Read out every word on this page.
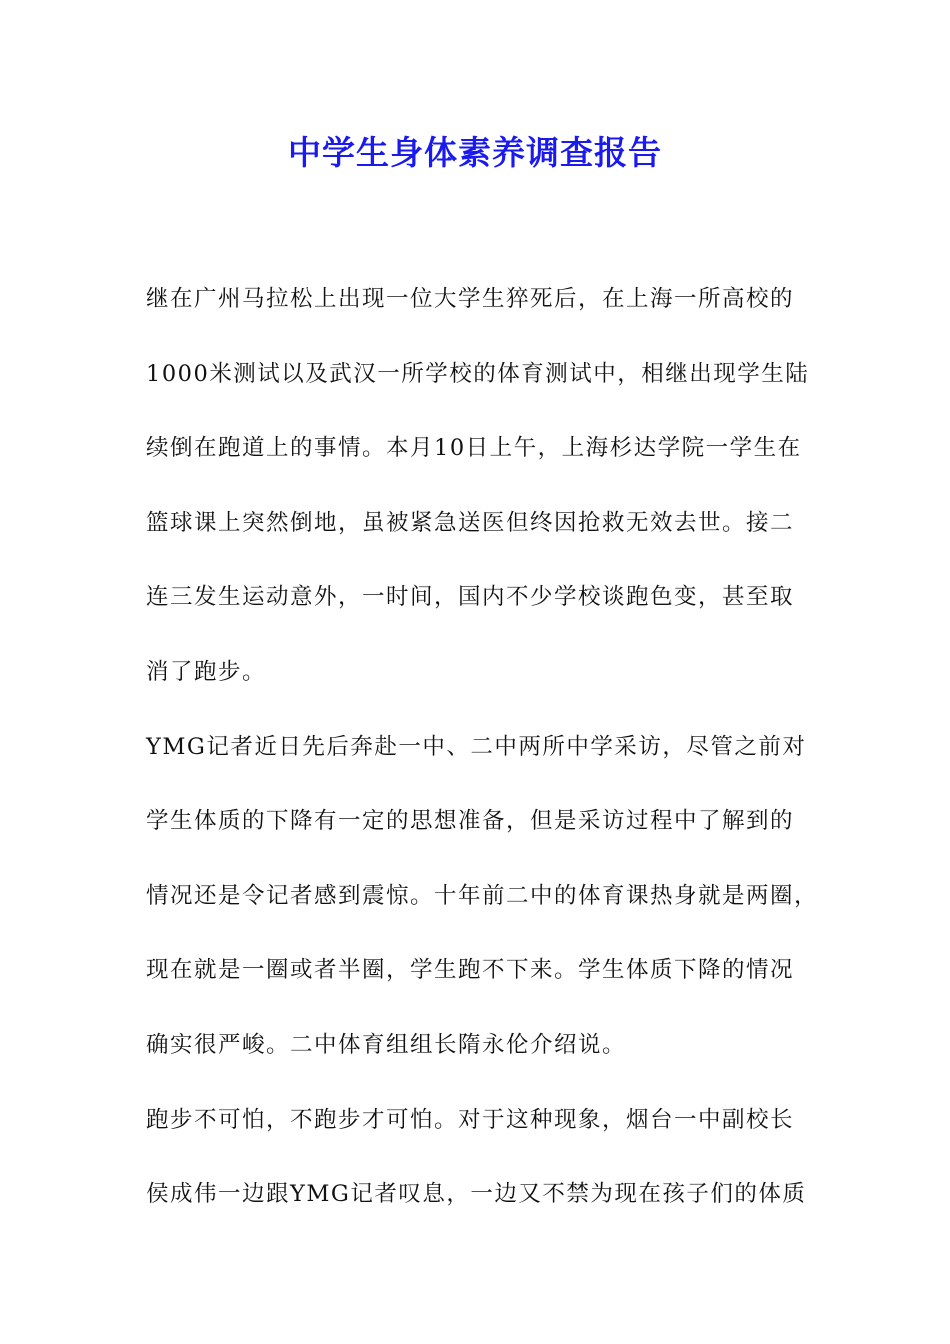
中学生身体素养调查报告
继在广州马拉松上出现一位大学生猝死后，在上海一所高校的
1000米测试以及武汉一所学校的体育测试中，相继出现学生陆
续倒在跑道上的事情。本月10日上午，上海杉达学院一学生在
篮球课上突然倒地，虽被紧急送医但终因抢救无效去世。接二
连三发生运动意外，一时间，国内不少学校谈跑色变，甚至取
消了跑步。
YMG记者近日先后奔赴一中、二中两所中学采访，尽管之前对
学生体质的下降有一定的思想准备，但是采访过程中了解到的
情况还是令记者感到震惊。十年前二中的体育课热身就是两圈，
现在就是一圈或者半圈，学生跑不下来。学生体质下降的情况
确实很严峻。二中体育组组长隋永伦介绍说。
跑步不可怕，不跑步才可怕。对于这种现象，烟台一中副校长
侯成伟一边跟YMG记者叹息，一边又不禁为现在孩子们的体质
